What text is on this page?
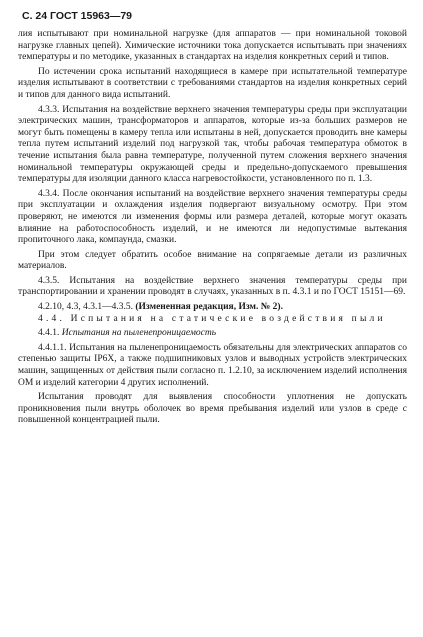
С. 24 ГОСТ 15963—79

лия испытывают при номинальной нагрузке (для аппаратов — при номинальной токовой нагрузке главных цепей). Химические источники тока допускается испытывать при значениях температуры и по методике, указанных в стандартах на изделия конкретных серий и типов.

По истечении срока испытаний находящиеся в камере при испытательной температуре изделия испытывают в соответствии с требованиями стандартов на изделия конкретных серий и типов для данного вида испытаний.

4.3.3. Испытания на воздействие верхнего значения температуры среды при эксплуатации электрических машин, трансформаторов и аппаратов, которые из-за больших размеров не могут быть помещены в камеру тепла или испытаны в ней, допускается проводить вне камеры тепла путем испытаний изделий под нагрузкой так, чтобы рабочая температура обмоток в течение испытания была равна температуре, полученной путем сложения верхнего значения номинальной температуры окружающей среды и предельно-допускаемого превышения температуры для изоляции данного класса нагревостойкости, установленного по п. 1.3.

4.3.4. После окончания испытаний на воздействие верхнего значения температуры среды при эксплуатации и охлаждения изделия подвергают визуальному осмотру. При этом проверяют, не имеются ли изменения формы или размера деталей, которые могут оказать влияние на работоспособность изделий, и не имеются ли недопустимые вытекания пропиточного лака, компаунда, смазки.

При этом следует обратить особое внимание на сопрягаемые детали из различных материалов.

4.3.5. Испытания на воздействие верхнего значения температуры среды при транспортировании и хранении проводят в случаях, указанных в п. 4.3.1 и по ГОСТ 15151—69.

4.2.10, 4.3, 4.3.1—4.3.5. (Измененная редакция, Изм. № 2).

4.4. Испытания на статические воздействия пыли

4.4.1. Испытания на пыленепроницаемость

4.4.1.1. Испытания на пыленепроницаемость обязательны для электрических аппаратов со степенью защиты IP6X, а также подшипниковых узлов и выводных устройств электрических машин, защищенных от действия пыли согласно п. 1.2.10, за исключением изделий исполнения ОМ и изделий категории 4 других исполнений.

Испытания проводят для выявления способности уплотнения не допускать проникновения пыли внутрь оболочек во время пребывания изделий или узлов в среде с повышенной концентрацией пыли.
